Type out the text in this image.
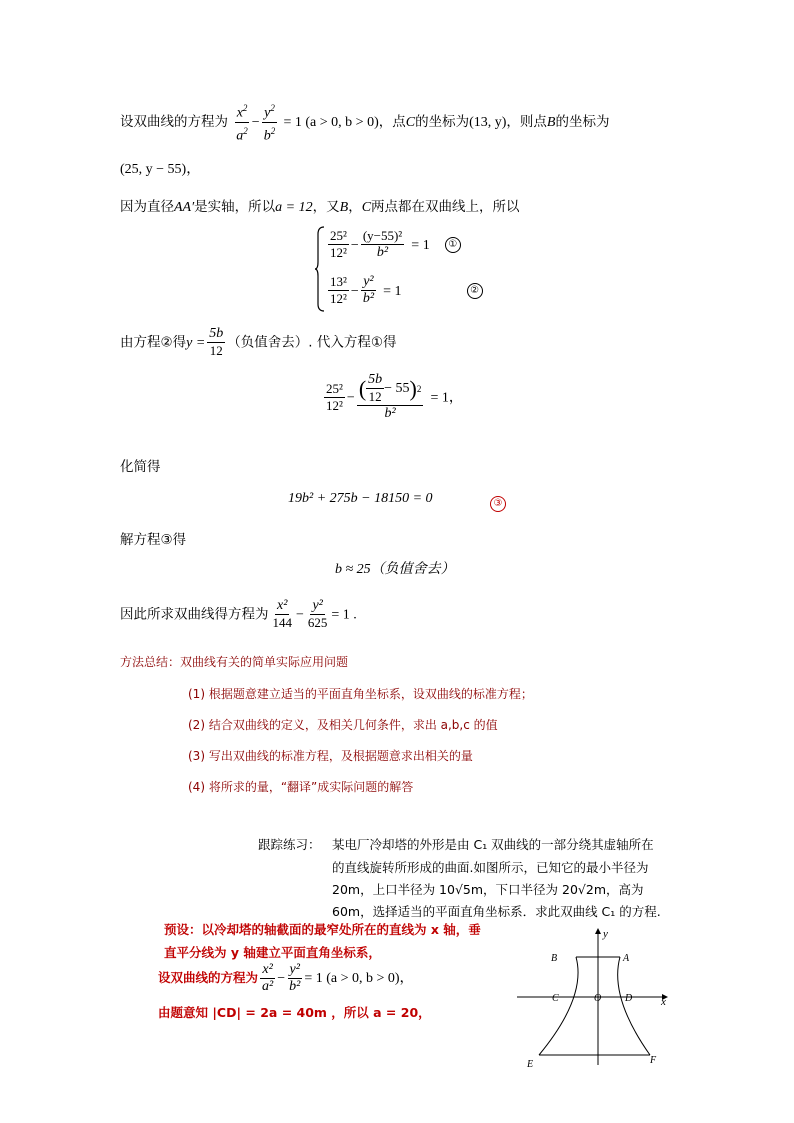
设双曲线的方程为 $\frac{x^2}{a^2} - \frac{y^2}{b^2} = 1$ (a > 0, b > 0)，点C的坐标为(13, y)，则点B的坐标为
(25, y − 55)，
因为直径AA′是实轴，所以a = 12，又B，C两点都在双曲线上，所以
$\frac{\text{25²}}{\text{12²}} - \frac{\text{(y−55)²}}{\text{b²}} = 1$ ①
$\frac{\text{13²}}{\text{12²}} - \frac{\text{y²}}{\text{b²}} = 1$	②
由方程②得$y = \frac{5b}{12}$ （负值舍去）. 代入方程①得
$\frac{\text{25²}}{\text{12²}} - \frac{( \frac{5b}{12} - 55 ) 2}{\text{b²}} = 1$，
化简得
19b² + 275b − 18150 = 0	③
解方程③得
b ≈ 25（负值舍去）
因此所求双曲线得方程为 $\frac{\text{x²}}{144} - \frac{\text{y²}}{625} = 1$ .
方法总结：双曲线有关的简单实际应用问题
(1) 根据题意建立适当的平面直角坐标系，设双曲线的标准方程；
(2) 结合双曲线的定义，及相关几何条件，求出 a,b,c 的值
(3) 写出双曲线的标准方程，及根据题意求出相关的量
(4) 将所求的量，“翻译”成实际问题的解答
跟踪练习： 某电厂冷却塔的外形是由 C₁ 双曲线的一部分绕其虚轴所在
的直线旋转所形成的曲面.如图所示，已知它的最小半径为
20m，上口半径为 10√5m，下口半径为 20√2m，高为
60m，选择适当的平面直角坐标系．求此双曲线 C₁ 的方程.
预设：以冷却塔的轴截面的最窄处所在的直线为 x 轴，垂
直平分线为 y 轴建立平面直角坐标系，
设双曲线的方程为 $\frac{\text{x²}}{\text{a²}} - \frac{\text{y²}}{\text{b²}} = 1$ (a > 0, b > 0)，
由题意知 |CD| = 2a = 40m ，所以 a = 20，
y
x
B	A
C	D
O
E	F
